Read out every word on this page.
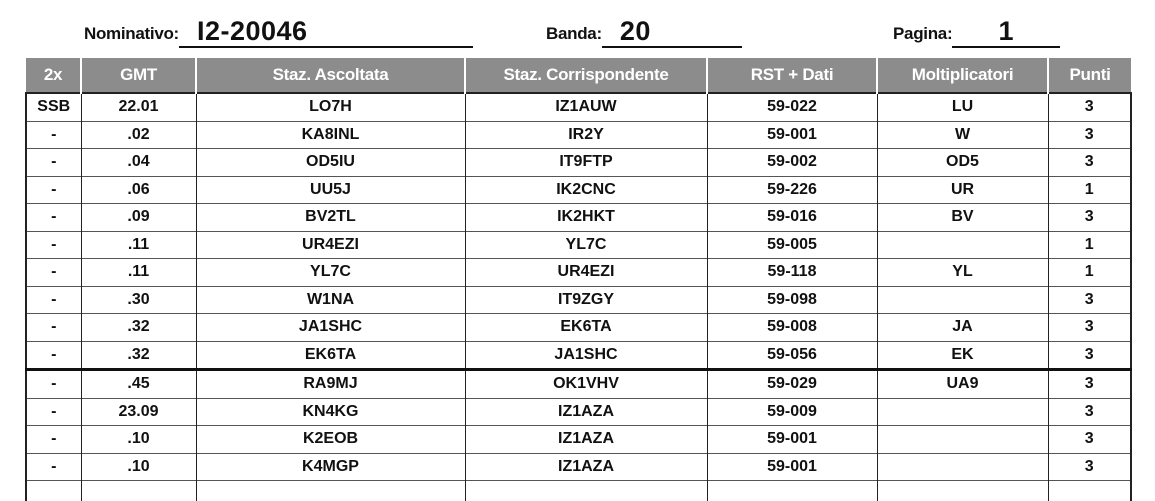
Nominativo: I2-20046	Banda: 20	Pagina:	1
2x	GMT	Staz. Ascoltata	Staz. Corrispondente	RST + Dati	Moltiplicatori	Punti
SSB	22.01	LO7H	IZ1AUW	59-022	LU	3
-	.02	KA8INL	IR2Y	59-001	W	3
-	.04	OD5IU	IT9FTP	59-002	OD5	3
-	.06	UU5J	IK2CNC	59-226	UR	1
-	.09	BV2TL	IK2HKT	59-016	BV	3
-	.11	UR4EZI	YL7C	59-005		1
-	.11	YL7C	UR4EZI	59-118	YL	1
-	.30	W1NA	IT9ZGY	59-098		3
-	.32	JA1SHC	EK6TA	59-008	JA	3
-	.32	EK6TA	JA1SHC	59-056	EK	3
-	.45	RA9MJ	OK1VHV	59-029	UA9	3
-	23.09	KN4KG	IZ1AZA	59-009		3
-	.10	K2EOB	IZ1AZA	59-001		3
-	.10	K4MGP	IZ1AZA	59-001		3
